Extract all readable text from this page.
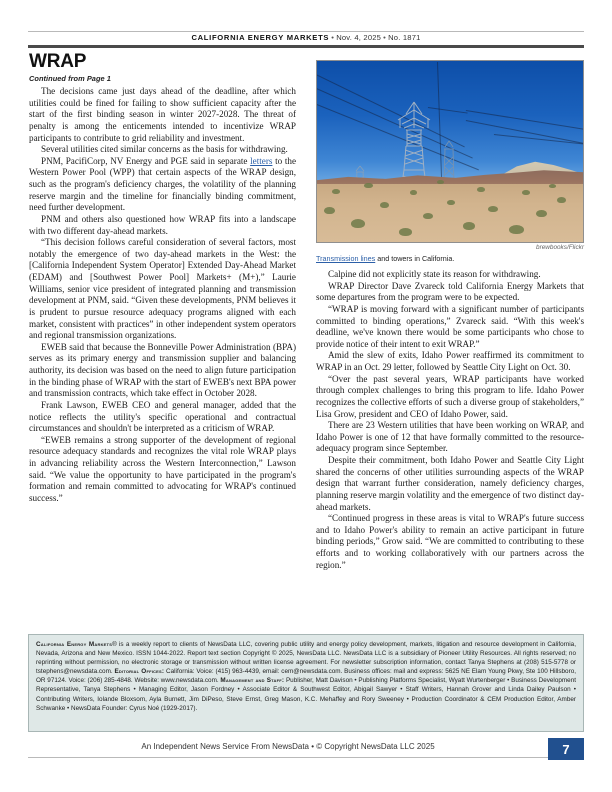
CALIFORNIA ENERGY MARKETS • Nov. 4, 2025 • No. 1871
WRAP
Continued from Page 1
brewbooks/Flickr
Transmission lines and towers in California.

The decisions came just days ahead of the deadline, after which utilities could be fined for failing to show sufficient capacity after the start of the first binding season in winter 2027-2028. The threat of penalty is among the enticements intended to incentivize WRAP participants to contribute to grid reliability and investment.

Several utilities cited similar concerns as the basis for withdrawing.

PNM, PacifiCorp, NV Energy and PGE said in separate letters to the Western Power Pool (WPP) that certain aspects of the WRAP design, such as the program's deficiency charges, the volatility of the planning reserve margin and the timeline for financially binding commitment, need further development.

PNM and others also questioned how WRAP fits into a landscape with two different day-ahead markets.

“This decision follows careful consideration of several factors, most notably the emergence of two day-ahead markets in the West: the [California Independent System Operator] Extended Day-Ahead Market (EDAM) and [Southwest Power Pool] Markets+ (M+),” Laurie Williams, senior vice president of integrated planning and transmission development at PNM, said. “Given these developments, PNM believes it is prudent to pursue resource adequacy programs aligned with each market, consistent with practices” in other independent system operators and regional transmission organizations.

EWEB said that because the Bonneville Power Administration (BPA) serves as its primary energy and transmission supplier and balancing authority, its decision was based on the need to align future participation in the binding phase of WRAP with the start of EWEB's next BPA power and transmission contracts, which take effect in October 2028.

Frank Lawson, EWEB CEO and general manager, added that the notice reflects the utility's specific operational and contractual circumstances and shouldn't be interpreted as a criticism of WRAP.

“EWEB remains a strong supporter of the development of regional resource adequacy standards and recognizes the vital role WRAP plays in advancing reliability across the Western Interconnection,” Lawson said. “We value the opportunity to have participated in the program's formation and remain committed to advocating for WRAP's continued success.”

Calpine did not explicitly state its reason for withdrawing.

WRAP Director Dave Zvareck told California Energy Markets that some departures from the program were to be expected.

“WRAP is moving forward with a significant number of participants committed to binding operations,” Zvareck said. “With this week's deadline, we've known there would be some participants who chose to provide notice of their intent to exit WRAP.”

Amid the slew of exits, Idaho Power reaffirmed its commitment to WRAP in an Oct. 29 letter, followed by Seattle City Light on Oct. 30.

“Over the past several years, WRAP participants have worked through complex challenges to bring this program to life. Idaho Power recognizes the collective efforts of such a diverse group of stakeholders,” Lisa Grow, president and CEO of Idaho Power, said.

There are 23 Western utilities that have been working on WRAP, and Idaho Power is one of 12 that have formally committed to the resource-adequacy program since September.

Despite their commitment, both Idaho Power and Seattle City Light shared the concerns of other utilities surrounding aspects of the WRAP design that warrant further consideration, namely deficiency charges, planning reserve margin volatility and the emergence of two distinct day-ahead markets.

“Continued progress in these areas is vital to WRAP's future success and to Idaho Power's ability to remain an active participant in future binding periods,” Grow said. “We are committed to contributing to these efforts and to working collaboratively with our partners across the region.”

California Energy Markets® is a weekly report to clients of NewsData LLC, covering public utility and energy policy development, markets, litigation and resource development in California, Nevada, Arizona and New Mexico. ISSN 1044-2022. Report text section Copyright © 2025, NewsData LLC. NewsData LLC is a subsidiary of Pioneer Utility Resources. All rights reserved; no reprinting without permission, no electronic storage or transmission without written license agreement. For newsletter subscription information, contact Tanya Stephens at (208) 515-5778 or tstephens@newsdata.com. Editorial Offices: California: Voice: (415) 963-4439, email: cem@newsdata.com. Business offices: mail and express: 5625 NE Elam Young Pkwy, Ste 100 Hillsboro, OR 97124. Voice: (206) 285-4848. Website: www.newsdata.com. Management and Staff: Publisher, Matt Davison • Publishing Platforms Specialist, Wyatt Wurtenberger • Business Development Representative, Tanya Stephens • Managing Editor, Jason Fordney • Associate Editor & Southwest Editor, Abigail Sawyer • Staff Writers, Hannah Grover and Linda Dailey Paulson • Contributing Writers, Iolande Bloxsom, Ayla Burnett, Jim DiPeso, Steve Ernst, Greg Mason, K.C. Mehaffey and Rory Sweeney • Production Coordinator & CEM Production Editor, Amber Schwanke • NewsData Founder: Cyrus Noé (1929-2017).

An Independent News Service From NewsData • © Copyright NewsData LLC 2025	7
